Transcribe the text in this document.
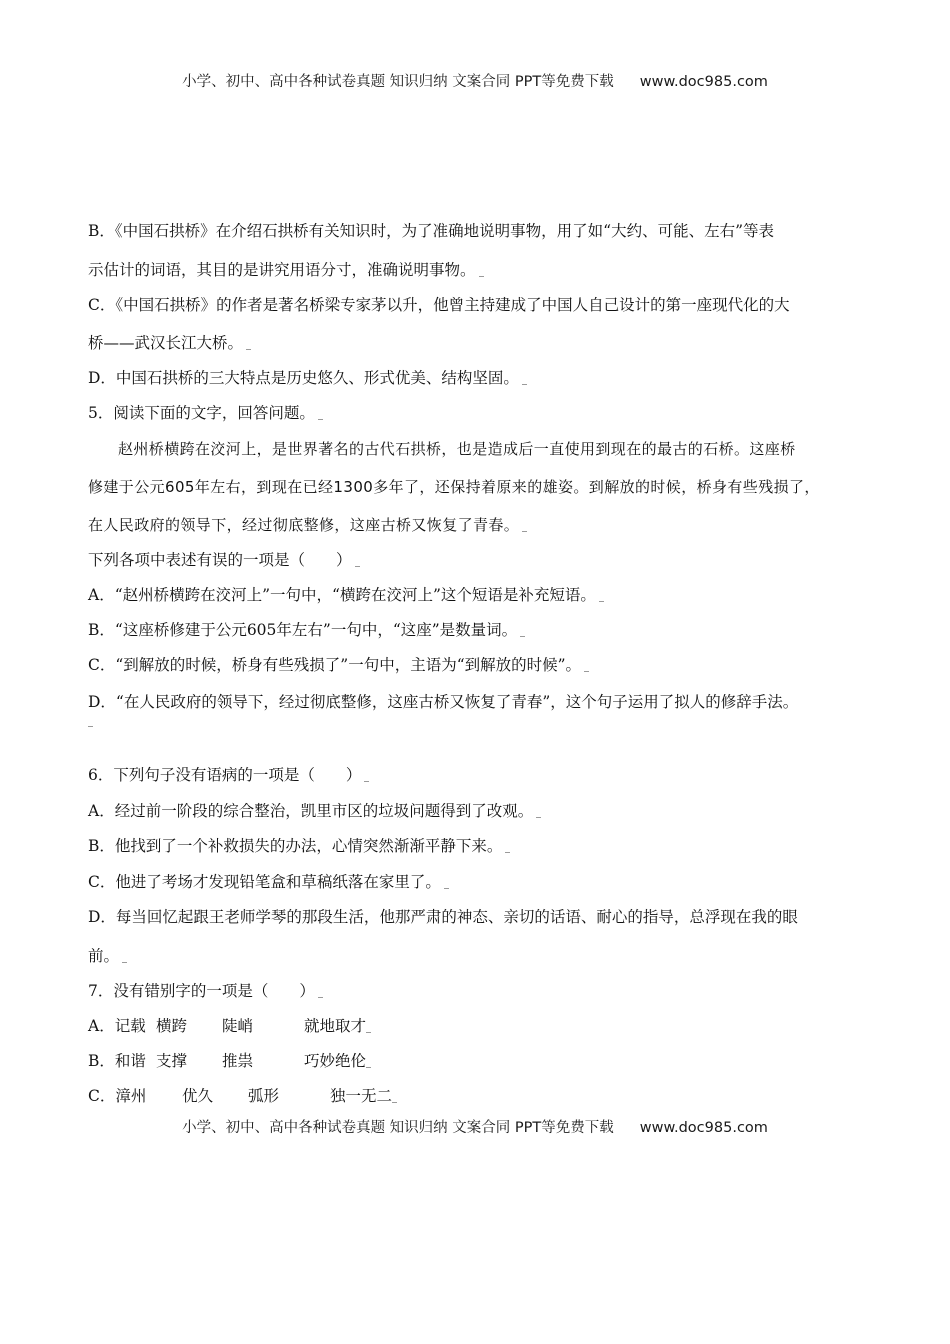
小学、初中、高中各种试卷真题 知识归纳 文案合同 PPT等免费下载 www.doc985.com
B．《中国石拱桥》在介绍石拱桥有关知识时，为了准确地说明事物，用了如“大约、可能、左右”等表
示估计的词语，其目的是讲究用语分寸，准确说明事物。
C．《中国石拱桥》的作者是著名桥梁专家茅以升，他曾主持建成了中国人自己设计的第一座现代化的大
桥——武汉长江大桥。
D．中国石拱桥的三大特点是历史悠久、形式优美、结构坚固。
5．阅读下面的文字，回答问题。
赵州桥横跨在洨河上，是世界著名的古代石拱桥，也是造成后一直使用到现在的最古的石桥。这座桥
修建于公元605年左右，到现在已经1300多年了，还保持着原来的雄姿。到解放的时候，桥身有些残损了，
在人民政府的领导下，经过彻底整修，这座古桥又恢复了青春。
下列各项中表述有误的一项是（　　）
A．“赵州桥横跨在洨河上”一句中，“横跨在洨河上”这个短语是补充短语。
B．“这座桥修建于公元605年左右”一句中，“这座”是数量词。
C．“到解放的时候，桥身有些残损了”一句中，主语为“到解放的时候”。
D．“在人民政府的领导下，经过彻底整修，这座古桥又恢复了青春”，这个句子运用了拟人的修辞手法。
6．下列句子没有语病的一项是（　　）
A．经过前一阶段的综合整治，凯里市区的垃圾问题得到了改观。
B．他找到了一个补救损失的办法，心情突然渐渐平静下来。
C．他进了考场才发现铅笔盒和草稿纸落在家里了。
D．每当回忆起跟王老师学琴的那段生活，他那严肃的神态、亲切的话语、耐心的指导，总浮现在我的眼
前。
7．没有错别字的一项是（　　）
A．记载 横跨 陡峭	就地取才
B．和谐 支撑 推祟	巧妙绝伦
C．漳州 优久 弧形	独一无二
小学、初中、高中各种试卷真题 知识归纳 文案合同 PPT等免费下载 www.doc985.com
